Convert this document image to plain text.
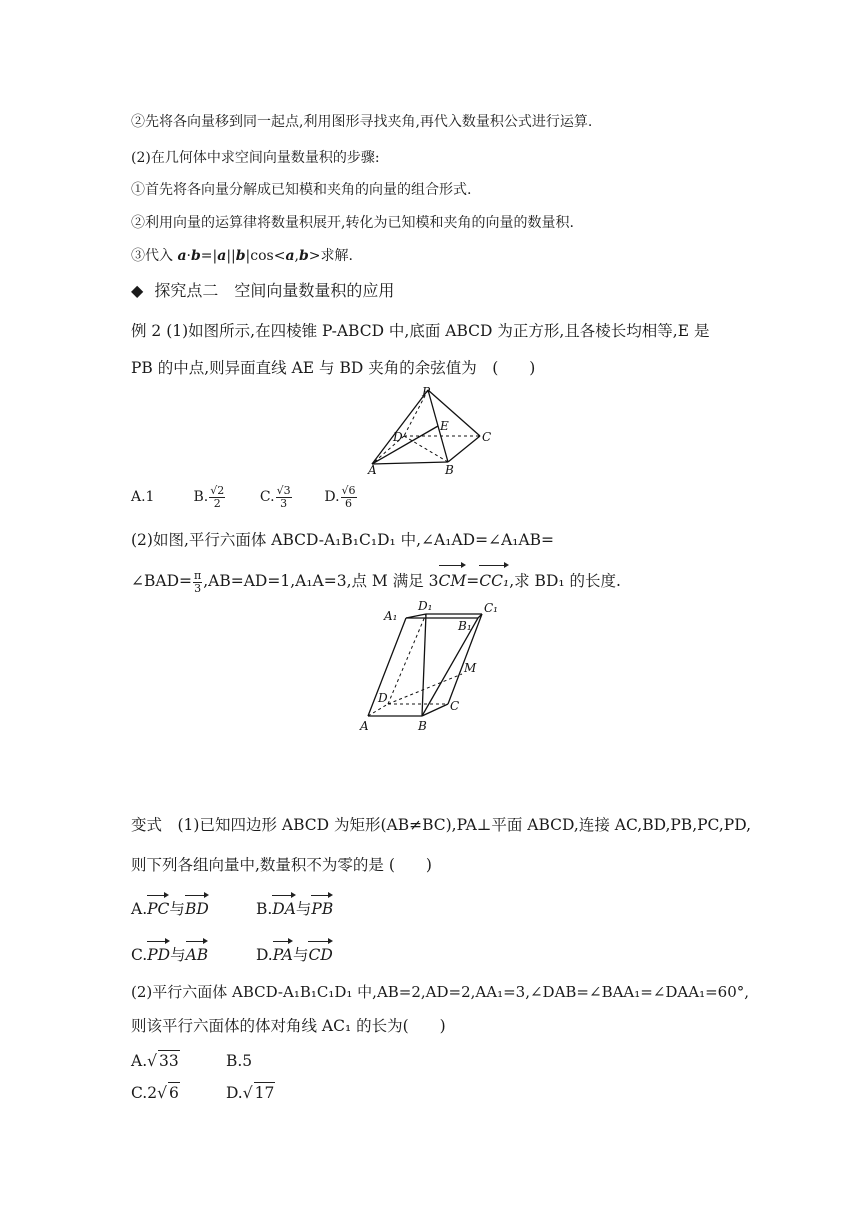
②先将各向量移到同一起点,利用图形寻找夹角,再代入数量积公式进行运算.
(2)在几何体中求空间向量数量积的步骤:
①首先将各向量分解成已知模和夹角的向量的组合形式.
②利用向量的运算律将数量积展开,转化为已知模和夹角的向量的数量积.
③代入 a·b=|a||b|cos<a,b>求解.
◆ 探究点二　空间向量数量积的应用
例 2 (1)如图所示,在四棱锥 P-ABCD 中,底面 ABCD 为正方形,且各棱长均相等,E 是
PB 的中点,则异面直线 AE 与 BD 夹角的余弦值为　(　　)
P
D
E
C
A	B
A.1	B. $\frac{√2}{2} C$. $\frac{√3}{3} D$. $\frac{√6}{6}$
(2)如图,平行六面体 ABCD-A₁B₁C₁D₁ 中,∠A₁AD=∠A₁AB=
∠BAD= $\frac{\pi}{3} ,AB=AD=1,A_1A=3$,点 M 满足 3CM=CC₁,求 BD₁ 的长度.
D₁	C₁
A₁
B₁
M
D
C
A	B
变式　(1)已知四边形 ABCD 为矩形(AB≠BC),PA⊥平面 ABCD,连接 AC,BD,PB,PC,PD,
则下列各组向量中,数量积不为零的是 (　　)
A.PC与BD	B.DA与PB
C.PD与AB	D.PA与CD
(2)平行六面体 ABCD-A₁B₁C₁D₁ 中,AB=2,AD=2,AA₁=3,∠DAB=∠BAA₁=∠DAA₁=60°,
则该平行六面体的体对角线 AC₁ 的长为(　　)
A.√ 33	B.5
C.2√ 6	D.√ 17
